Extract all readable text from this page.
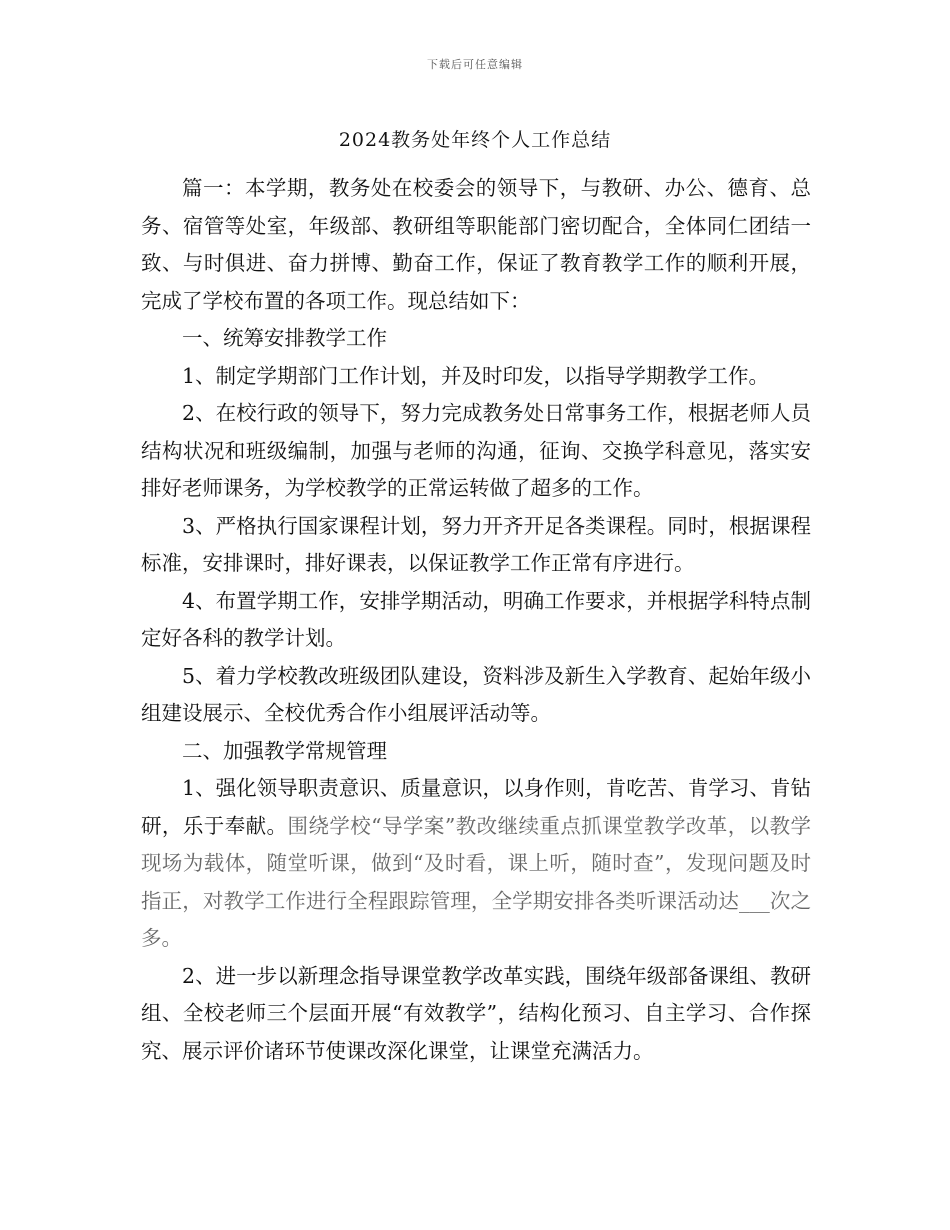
下载后可任意编辑
2024教务处年终个人工作总结

篇一：本学期，教务处在校委会的领导下，与教研、办公、德育、总务、宿管等处室，年级部、教研组等职能部门密切配合，全体同仁团结一致、与时俱进、奋力拼博、勤奋工作，保证了教育教学工作的顺利开展，完成了学校布置的各项工作。现总结如下：

一、统筹安排教学工作

1、制定学期部门工作计划，并及时印发，以指导学期教学工作。

2、在校行政的领导下，努力完成教务处日常事务工作，根据老师人员结构状况和班级编制，加强与老师的沟通，征询、交换学科意见，落实安排好老师课务，为学校教学的正常运转做了超多的工作。

3、严格执行国家课程计划，努力开齐开足各类课程。同时，根据课程标准，安排课时，排好课表，以保证教学工作正常有序进行。

4、布置学期工作，安排学期活动，明确工作要求，并根据学科特点制定好各科的教学计划。

5、着力学校教改班级团队建设，资料涉及新生入学教育、起始年级小组建设展示、全校优秀合作小组展评活动等。

二、加强教学常规管理

1、强化领导职责意识、质量意识，以身作则，肯吃苦、肯学习、肯钻研，乐于奉献。围绕学校“导学案”教改继续重点抓课堂教学改革，以教学现场为载体，随堂听课，做到“及时看，课上听，随时查”，发现问题及时指正，对教学工作进行全程跟踪管理，全学期安排各类听课活动达___次之多。

2、进一步以新理念指导课堂教学改革实践，围绕年级部备课组、教研组、全校老师三个层面开展“有效教学”，结构化预习、自主学习、合作探究、展示评价诸环节使课改深化课堂，让课堂充满活力。
